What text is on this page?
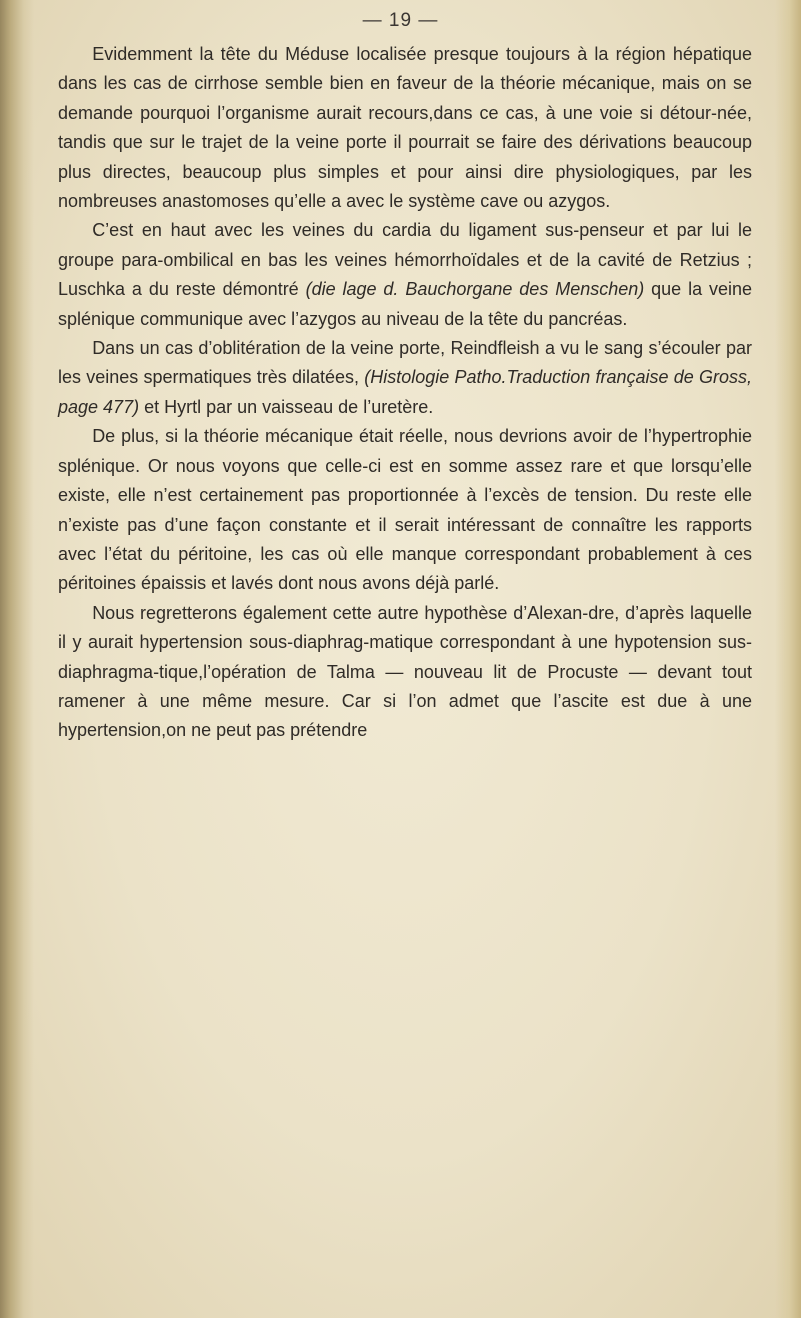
— 19 —

Evidemment la tête du Méduse localisée presque toujours à la région hépatique dans les cas de cirrhose semble bien en faveur de la théorie mécanique, mais on se demande pourquoi l’organisme aurait recours,dans ce cas, à une voie si détour-née, tandis que sur le trajet de la veine porte il pourrait se faire des dérivations beaucoup plus directes, beaucoup plus simples et pour ainsi dire physiologiques, par les nombreuses anastomoses qu’elle a avec le système cave ou azygos.

C’est en haut avec les veines du cardia du ligament sus-penseur et par lui le groupe para-ombilical en bas les veines hémorrhoïdales et de la cavité de Retzius ; Luschka a du reste démontré (die lage d. Bauchorgane des Menschen) que la veine splénique communique avec l’azygos au niveau de la tête du pancréas.

Dans un cas d’oblitération de la veine porte, Reindfleish a vu le sang s’écouler par les veines spermatiques très dilatées, (Histologie Patho.Traduction française de Gross, page 477) et Hyrtl par un vaisseau de l’uretère.

De plus, si la théorie mécanique était réelle, nous devrions avoir de l’hypertrophie splénique. Or nous voyons que celle-ci est en somme assez rare et que lorsqu’elle existe, elle n’est certainement pas proportionnée à l’excès de tension. Du reste elle n’existe pas d’une façon constante et il serait intéressant de connaître les rapports avec l’état du péritoine, les cas où elle manque correspondant probablement à ces péritoines épaissis et lavés dont nous avons déjà parlé.

Nous regretterons également cette autre hypothèse d’Alexan-dre, d’après laquelle il y aurait hypertension sous-diaphrag-matique correspondant à une hypotension sus-diaphragma-tique,l’opération de Talma — nouveau lit de Procuste — devant tout ramener à une même mesure. Car si l’on admet que l’ascite est due à une hypertension,on ne peut pas prétendre
